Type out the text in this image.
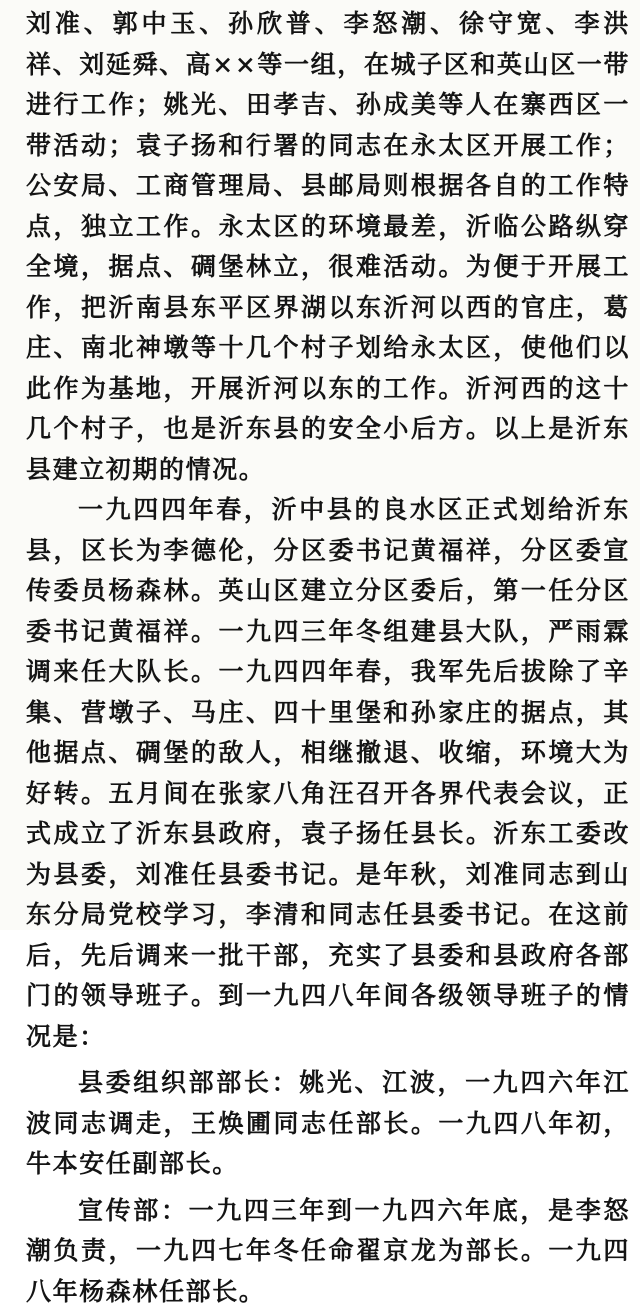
刘准、郭中玉、孙欣普、李怒潮、徐守宽、李洪祥、刘延舜、高××等一组，在城子区和英山区一带进行工作；姚光、田孝吉、孙成美等人在寨西区一带活动；袁子扬和行署的同志在永太区开展工作；公安局、工商管理局、县邮局则根据各自的工作特点，独立工作。永太区的环境最差，沂临公路纵穿全境，据点、碉堡林立，很难活动。为便于开展工作，把沂南县东平区界湖以东沂河以西的官庄，葛庄、南北神墩等十几个村子划给永太区，使他们以此作为基地，开展沂河以东的工作。沂河西的这十几个村子，也是沂东县的安全小后方。以上是沂东县建立初期的情况。

一九四四年春，沂中县的良水区正式划给沂东县，区长为李德伦，分区委书记黄福祥，分区委宣传委员杨森林。英山区建立分区委后，第一任分区委书记黄福祥。一九四三年冬组建县大队，严雨霖调来任大队长。一九四四年春，我军先后拔除了辛集、营墩子、马庄、四十里堡和孙家庄的据点，其他据点、碉堡的敌人，相继撤退、收缩，环境大为好转。五月间在张家八角汪召开各界代表会议，正式成立了沂东县政府，袁子扬任县长。沂东工委改为县委，刘准任县委书记。是年秋，刘准同志到山东分局党校学习，李清和同志任县委书记。在这前后，先后调来一批干部，充实了县委和县政府各部门的领导班子。到一九四八年间各级领导班子的情况是：

县委组织部部长：姚光、江波，一九四六年江波同志调走，王焕圃同志任部长。一九四八年初，牛本安任副部长。

宣传部：一九四三年到一九四六年底，是李怒潮负责，一九四七年冬任命翟京龙为部长。一九四八年杨森林任部长。
